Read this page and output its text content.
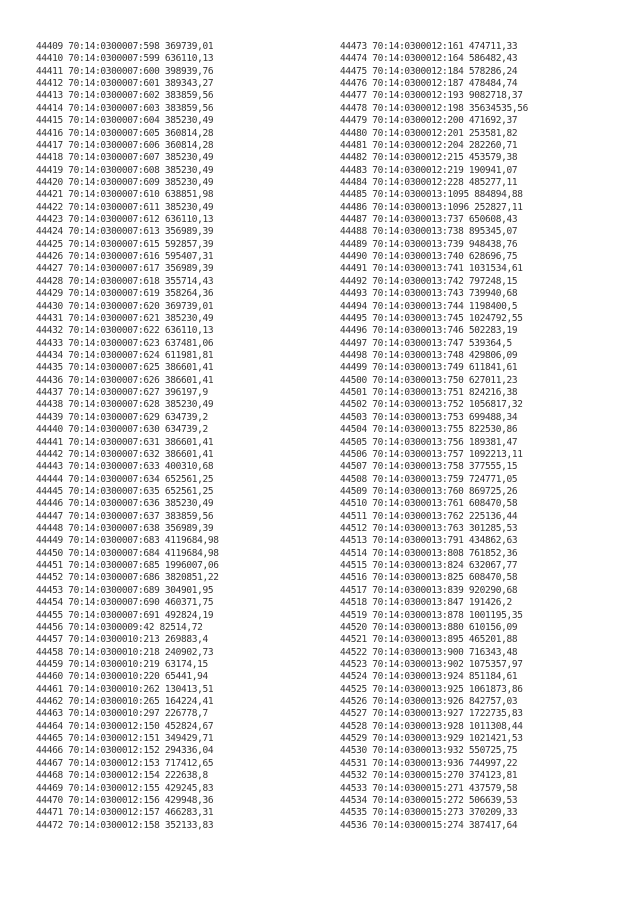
44409 70:14:0300007:598 369739,01
44410 70:14:0300007:599 636110,13
44411 70:14:0300007:600 398939,76
44412 70:14:0300007:601 389343,27
44413 70:14:0300007:602 383859,56
44414 70:14:0300007:603 383859,56
44415 70:14:0300007:604 385230,49
44416 70:14:0300007:605 360814,28
44417 70:14:0300007:606 360814,28
44418 70:14:0300007:607 385230,49
44419 70:14:0300007:608 385230,49
44420 70:14:0300007:609 385230,49
44421 70:14:0300007:610 638851,98
44422 70:14:0300007:611 385230,49
44423 70:14:0300007:612 636110,13
44424 70:14:0300007:613 356989,39
44425 70:14:0300007:615 592857,39
44426 70:14:0300007:616 595407,31
44427 70:14:0300007:617 356989,39
44428 70:14:0300007:618 355714,43
44429 70:14:0300007:619 358264,36
44430 70:14:0300007:620 369739,01
44431 70:14:0300007:621 385230,49
44432 70:14:0300007:622 636110,13
44433 70:14:0300007:623 637481,06
44434 70:14:0300007:624 611981,81
44435 70:14:0300007:625 386601,41
44436 70:14:0300007:626 386601,41
44437 70:14:0300007:627 396197,9
44438 70:14:0300007:628 385230,49
44439 70:14:0300007:629 634739,2
44440 70:14:0300007:630 634739,2
44441 70:14:0300007:631 386601,41
44442 70:14:0300007:632 386601,41
44443 70:14:0300007:633 400310,68
44444 70:14:0300007:634 652561,25
44445 70:14:0300007:635 652561,25
44446 70:14:0300007:636 385230,49
44447 70:14:0300007:637 383859,56
44448 70:14:0300007:638 356989,39
44449 70:14:0300007:683 4119684,98
44450 70:14:0300007:684 4119684,98
44451 70:14:0300007:685 1996007,06
44452 70:14:0300007:686 3820851,22
44453 70:14:0300007:689 304901,95
44454 70:14:0300007:690 460371,75
44455 70:14:0300007:691 492824,19
44456 70:14:0300009:42 82514,72
44457 70:14:0300010:213 269883,4
44458 70:14:0300010:218 240902,73
44459 70:14:0300010:219 63174,15
44460 70:14:0300010:220 65441,94
44461 70:14:0300010:262 130413,51
44462 70:14:0300010:265 164224,41
44463 70:14:0300010:297 226778,7
44464 70:14:0300012:150 452824,67
44465 70:14:0300012:151 349429,71
44466 70:14:0300012:152 294336,04
44467 70:14:0300012:153 717412,65
44468 70:14:0300012:154 222638,8
44469 70:14:0300012:155 429245,83
44470 70:14:0300012:156 429948,36
44471 70:14:0300012:157 466283,31
44472 70:14:0300012:158 352133,83
44473 70:14:0300012:161 474711,33
44474 70:14:0300012:164 586482,43
44475 70:14:0300012:184 578286,24
44476 70:14:0300012:187 478484,74
44477 70:14:0300012:193 9082718,37
44478 70:14:0300012:198 35634535,56
44479 70:14:0300012:200 471692,37
44480 70:14:0300012:201 253581,82
44481 70:14:0300012:204 282260,71
44482 70:14:0300012:215 453579,38
44483 70:14:0300012:219 190941,07
44484 70:14:0300012:228 485277,11
44485 70:14:0300013:1095 884894,88
44486 70:14:0300013:1096 252827,11
44487 70:14:0300013:737 650608,43
44488 70:14:0300013:738 895345,07
44489 70:14:0300013:739 948438,76
44490 70:14:0300013:740 628696,75
44491 70:14:0300013:741 1031534,61
44492 70:14:0300013:742 797248,15
44493 70:14:0300013:743 739940,68
44494 70:14:0300013:744 1198400,5
44495 70:14:0300013:745 1024792,55
44496 70:14:0300013:746 502283,19
44497 70:14:0300013:747 539364,5
44498 70:14:0300013:748 429806,09
44499 70:14:0300013:749 611841,61
44500 70:14:0300013:750 627011,23
44501 70:14:0300013:751 824216,38
44502 70:14:0300013:752 1056817,32
44503 70:14:0300013:753 699488,34
44504 70:14:0300013:755 822530,86
44505 70:14:0300013:756 189381,47
44506 70:14:0300013:757 1092213,11
44507 70:14:0300013:758 377555,15
44508 70:14:0300013:759 724771,05
44509 70:14:0300013:760 869725,26
44510 70:14:0300013:761 608470,58
44511 70:14:0300013:762 225136,44
44512 70:14:0300013:763 301285,53
44513 70:14:0300013:791 434862,63
44514 70:14:0300013:808 761852,36
44515 70:14:0300013:824 632067,77
44516 70:14:0300013:825 608470,58
44517 70:14:0300013:839 920290,68
44518 70:14:0300013:847 191426,2
44519 70:14:0300013:878 1001195,35
44520 70:14:0300013:880 610156,09
44521 70:14:0300013:895 465201,88
44522 70:14:0300013:900 716343,48
44523 70:14:0300013:902 1075357,97
44524 70:14:0300013:924 851184,61
44525 70:14:0300013:925 1061873,86
44526 70:14:0300013:926 842757,03
44527 70:14:0300013:927 1722735,83
44528 70:14:0300013:928 1011308,44
44529 70:14:0300013:929 1021421,53
44530 70:14:0300013:932 550725,75
44531 70:14:0300013:936 744997,22
44532 70:14:0300015:270 374123,81
44533 70:14:0300015:271 437579,58
44534 70:14:0300015:272 506639,53
44535 70:14:0300015:273 370209,33
44536 70:14:0300015:274 387417,64
